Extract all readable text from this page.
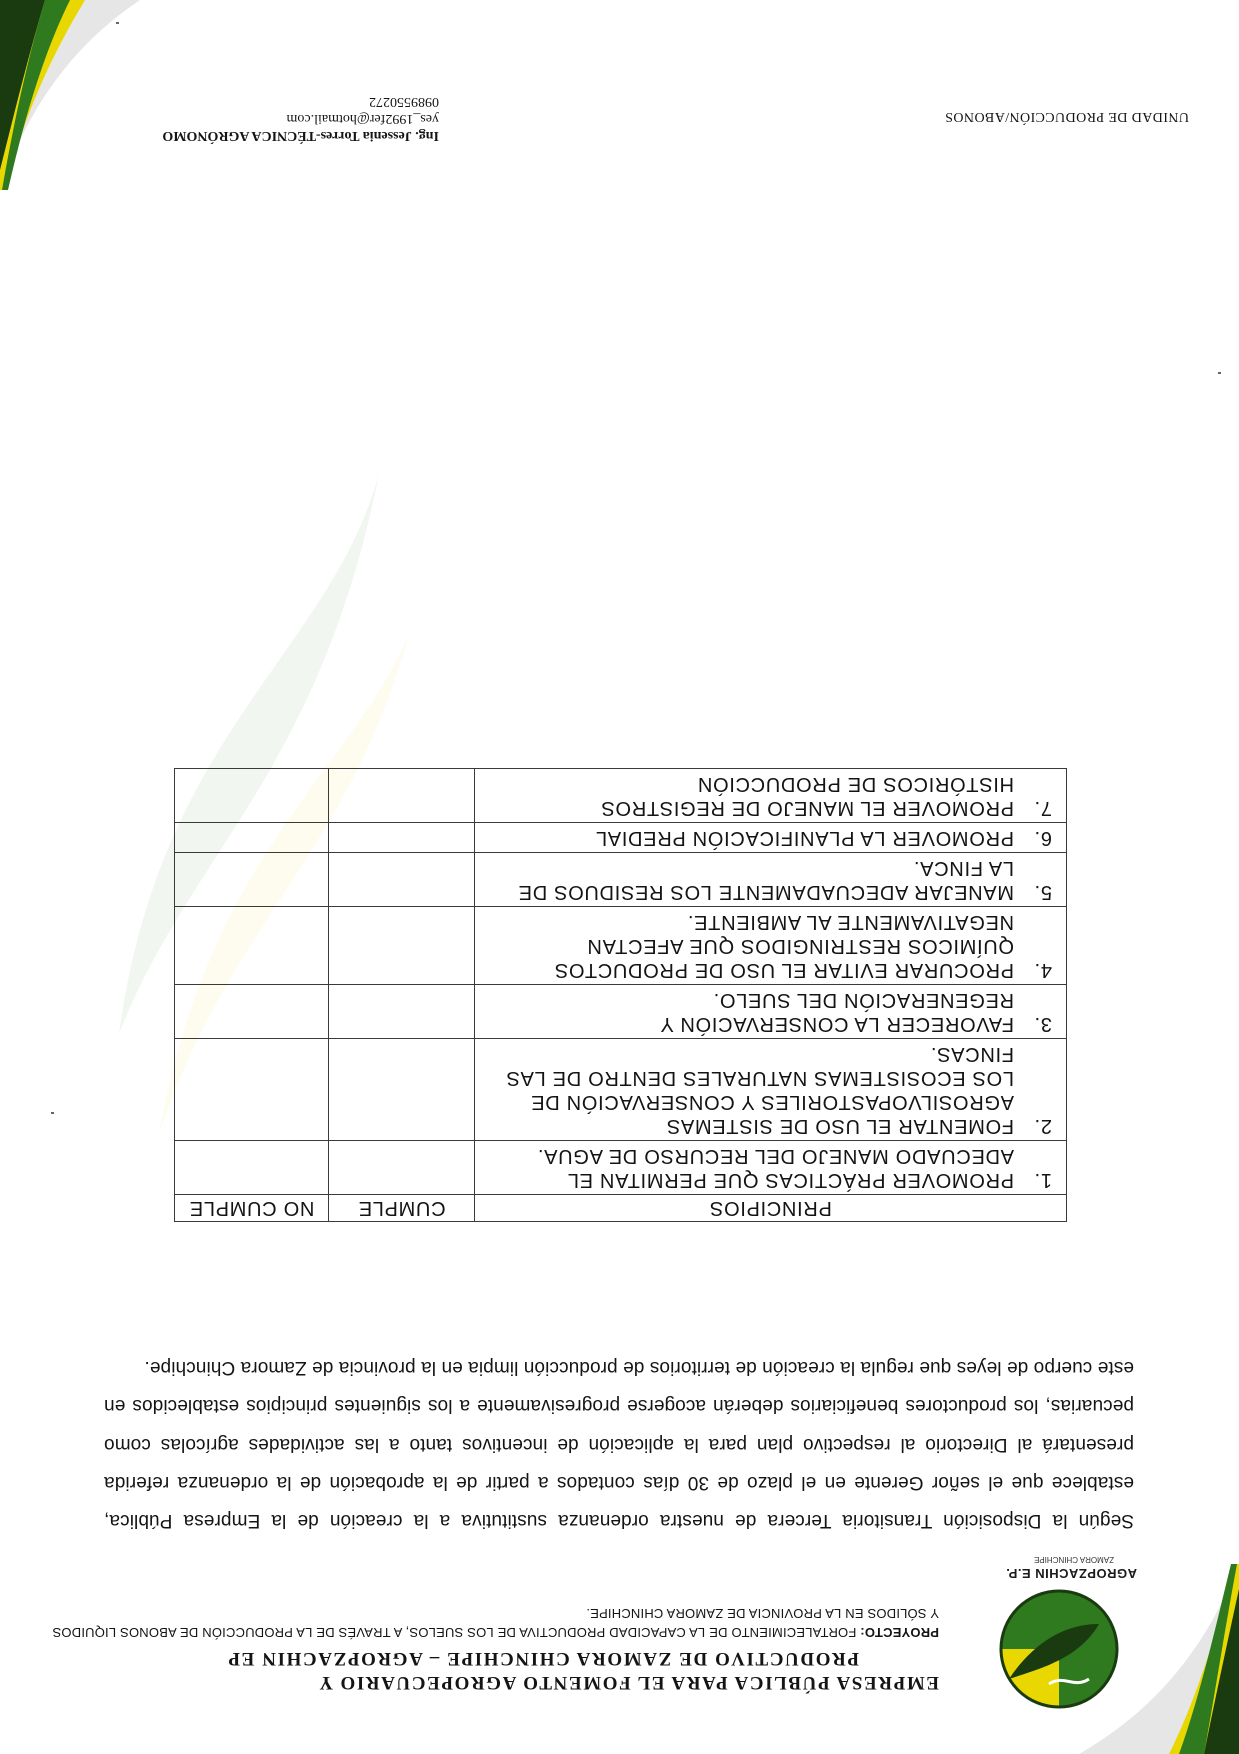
AGROPZACHIN E.P.
ZAMORA CHINCHIPE
EMPRESA PÚBLICA PARA EL FOMENTO AGROPECUARIO Y
PRODUCTIVO DE ZAMORA CHINCHIPE – AGROPZACHIN EP
PROYECTO: FORTALECIMIENTO DE LA CAPACIDAD PRODUCTIVA DE LOS SUELOS, A TRAVÉS DE LA PRODUCCIÓN DE ABONOS LIQUIDOS Y SÓLIDOS EN LA PROVINCIA DE ZAMORA CHINCHIPE.
Según la Disposición Transitoria Tercera de nuestra ordenanza sustitutiva a la creación de la Empresa Pública, establece que el señor Gerente en el plazo de 30 días contados a partir de la aprobación de la ordenanza referida presentará al Directorio al respectivo plan para la aplicación de incentivos tanto a las actividades agrícolas como pecuarias, los productores beneficiarios deberán acogerse progresivamente a los siguientes principios establecidos en este cuerpo de leyes que regula la creación de territorios de producción limpia en la provincia de Zamora Chinchipe.
PRINCIPIOS	CUMPLE	NO CUMPLE
1.PROMOVER PRÁCTICAS QUE PERMITAN EL ADECUADO MANEJO DEL RECURSO DE AGUA.		
2.FOMENTAR EL USO DE SISTEMAS AGROSILVOPASTORILES Y CONSERVACIÓN DE LOS ECOSISTEMAS NATURALES DENTRO DE LAS FINCAS.		
3.FAVORECER LA CONSERVACIÓN Y REGENERACIÓN DEL SUELO.		
4.PROCURAR EVITAR EL USO DE PRODUCTOS QUÍMICOS RESTRINGIDOS QUE AFECTAN NEGATIVAMENTE AL AMBIENTE.		
5.MANEJAR ADECUADAMENTE LOS RESIDUOS DE LA FINCA.		
6.PROMOVER LA PLANIFICACIÓN PREDIAL		
7.PROMOVER EL MANEJO DE REGISTROS HISTÓRICOS DE PRODUCCIÓN		
UNIDAD DE PRODUCCIÓN/ABONOS
Ing. Jessenia Torres-TÉCNICA AGRÓNOMO
yes_1992fer@hotmail.com
0989550272
